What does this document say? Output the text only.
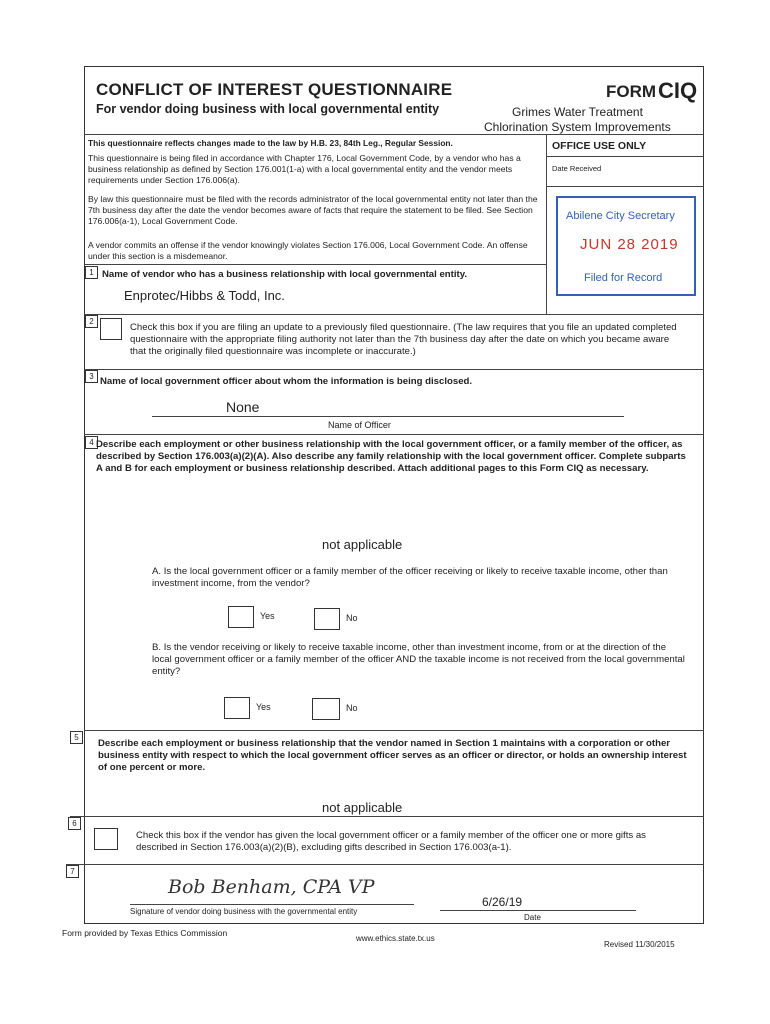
CONFLICT OF INTEREST QUESTIONNAIRE
For vendor doing business with local governmental entity
FORM CIQ
Grimes Water Treatment
Chlorination System Improvements
This questionnaire reflects changes made to the law by H.B. 23, 84th Leg., Regular Session.
This questionnaire is being filed in accordance with Chapter 176, Local Government Code, by a vendor who has a business relationship as defined by Section 176.001(1-a) with a local governmental entity and the vendor meets requirements under Section 176.006(a).
By law this questionnaire must be filed with the records administrator of the local governmental entity not later than the 7th business day after the date the vendor becomes aware of facts that require the statement to be filed. See Section 176.006(a-1), Local Government Code.
A vendor commits an offense if the vendor knowingly violates Section 176.006, Local Government Code. An offense under this section is a misdemeanor.
OFFICE USE ONLY
Date Received
Abilene City Secretary
JUN 28 2019
Filed for Record
1 Name of vendor who has a business relationship with local governmental entity.
Enprotec/Hibbs & Todd, Inc.
2
Check this box if you are filing an update to a previously filed questionnaire. (The law requires that you file an updated completed questionnaire with the appropriate filing authority not later than the 7th business day after the date on which you became aware that the originally filed questionnaire was incomplete or inaccurate.)
3 Name of local government officer about whom the information is being disclosed.
None
Name of Officer
4 Describe each employment or other business relationship with the local government officer, or a family member of the officer, as described by Section 176.003(a)(2)(A). Also describe any family relationship with the local government officer. Complete subparts A and B for each employment or business relationship described. Attach additional pages to this Form CIQ as necessary.
not applicable
A. Is the local government officer or a family member of the officer receiving or likely to receive taxable income, other than investment income, from the vendor?
Yes	No
B. Is the vendor receiving or likely to receive taxable income, other than investment income, from or at the direction of the local government officer or a family member of the officer AND the taxable income is not received from the local governmental entity?
Yes	No
5
Describe each employment or business relationship that the vendor named in Section 1 maintains with a corporation or other business entity with respect to which the local government officer serves as an officer or director, or holds an ownership interest of one percent or more.
not applicable
6
Check this box if the vendor has given the local government officer or a family member of the officer one or more gifts as described in Section 176.003(a)(2)(B), excluding gifts described in Section 176.003(a-1).
7
Bob Benham, CPA VP
Signature of vendor doing business with the governmental entity
6/26/19
Date
Form provided by Texas Ethics Commission
www.ethics.state.tx.us
Revised 11/30/2015
